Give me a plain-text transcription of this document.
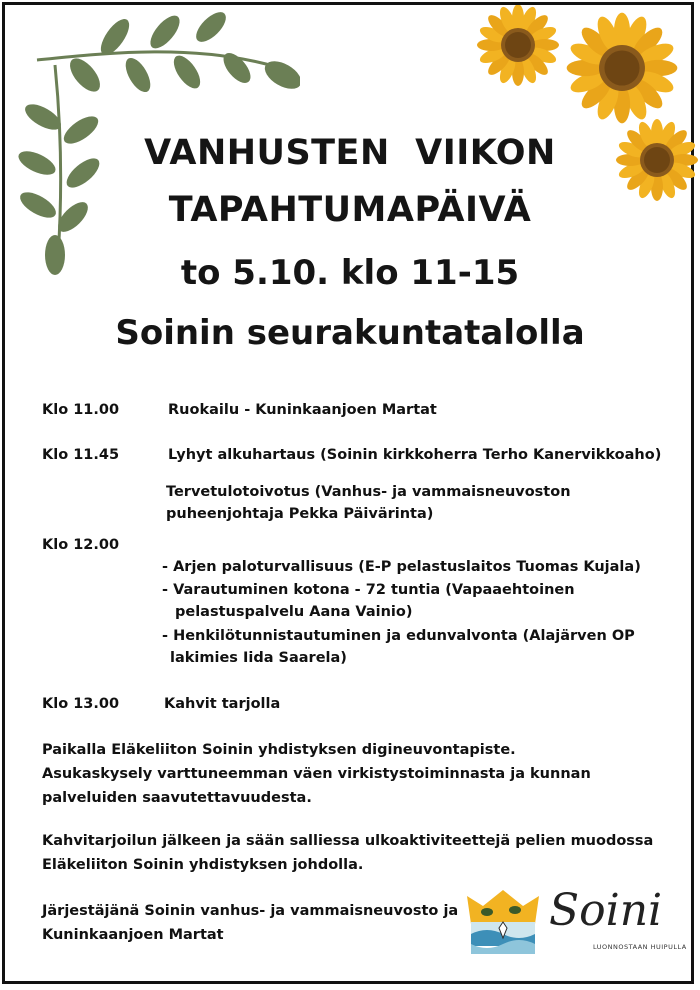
VANHUSTEN  VIIKON
TAPAHTUMAPÄIVÄ
to 5.10. klo 11-15
Soinin seurakuntatalolla
Klo 11.00	Ruokailu - Kuninkaanjoen Martat
Klo 11.45	Lyhyt alkuhartaus (Soinin kirkkoherra Terho Kanervikkoaho)
Tervetulotoivotus (Vanhus- ja vammaisneuvoston
puheenjohtaja Pekka Päivärinta)
Klo 12.00
- Arjen paloturvallisuus (E-P pelastuslaitos Tuomas Kujala)
- Varautuminen kotona - 72 tuntia (Vapaaehtoinen
pelastuspalvelu Aana Vainio)
- Henkilötunnistautuminen ja edunvalvonta (Alajärven OP
lakimies Iida Saarela)
Klo 13.00	Kahvit tarjolla
Paikalla Eläkeliiton Soinin yhdistyksen digineuvontapiste.
Asukaskysely varttuneemman väen virkistystoiminnasta ja kunnan
palveluiden saavutettavuudesta.
Kahvitarjoilun jälkeen ja sään salliessa ulkoaktiviteettejä pelien muodossa
Eläkeliiton Soinin yhdistyksen johdolla.
Järjestäjänä Soinin vanhus- ja vammaisneuvosto ja
Kuninkaanjoen Martat	Soini
LUONNOSTAAN HUIPULLA
